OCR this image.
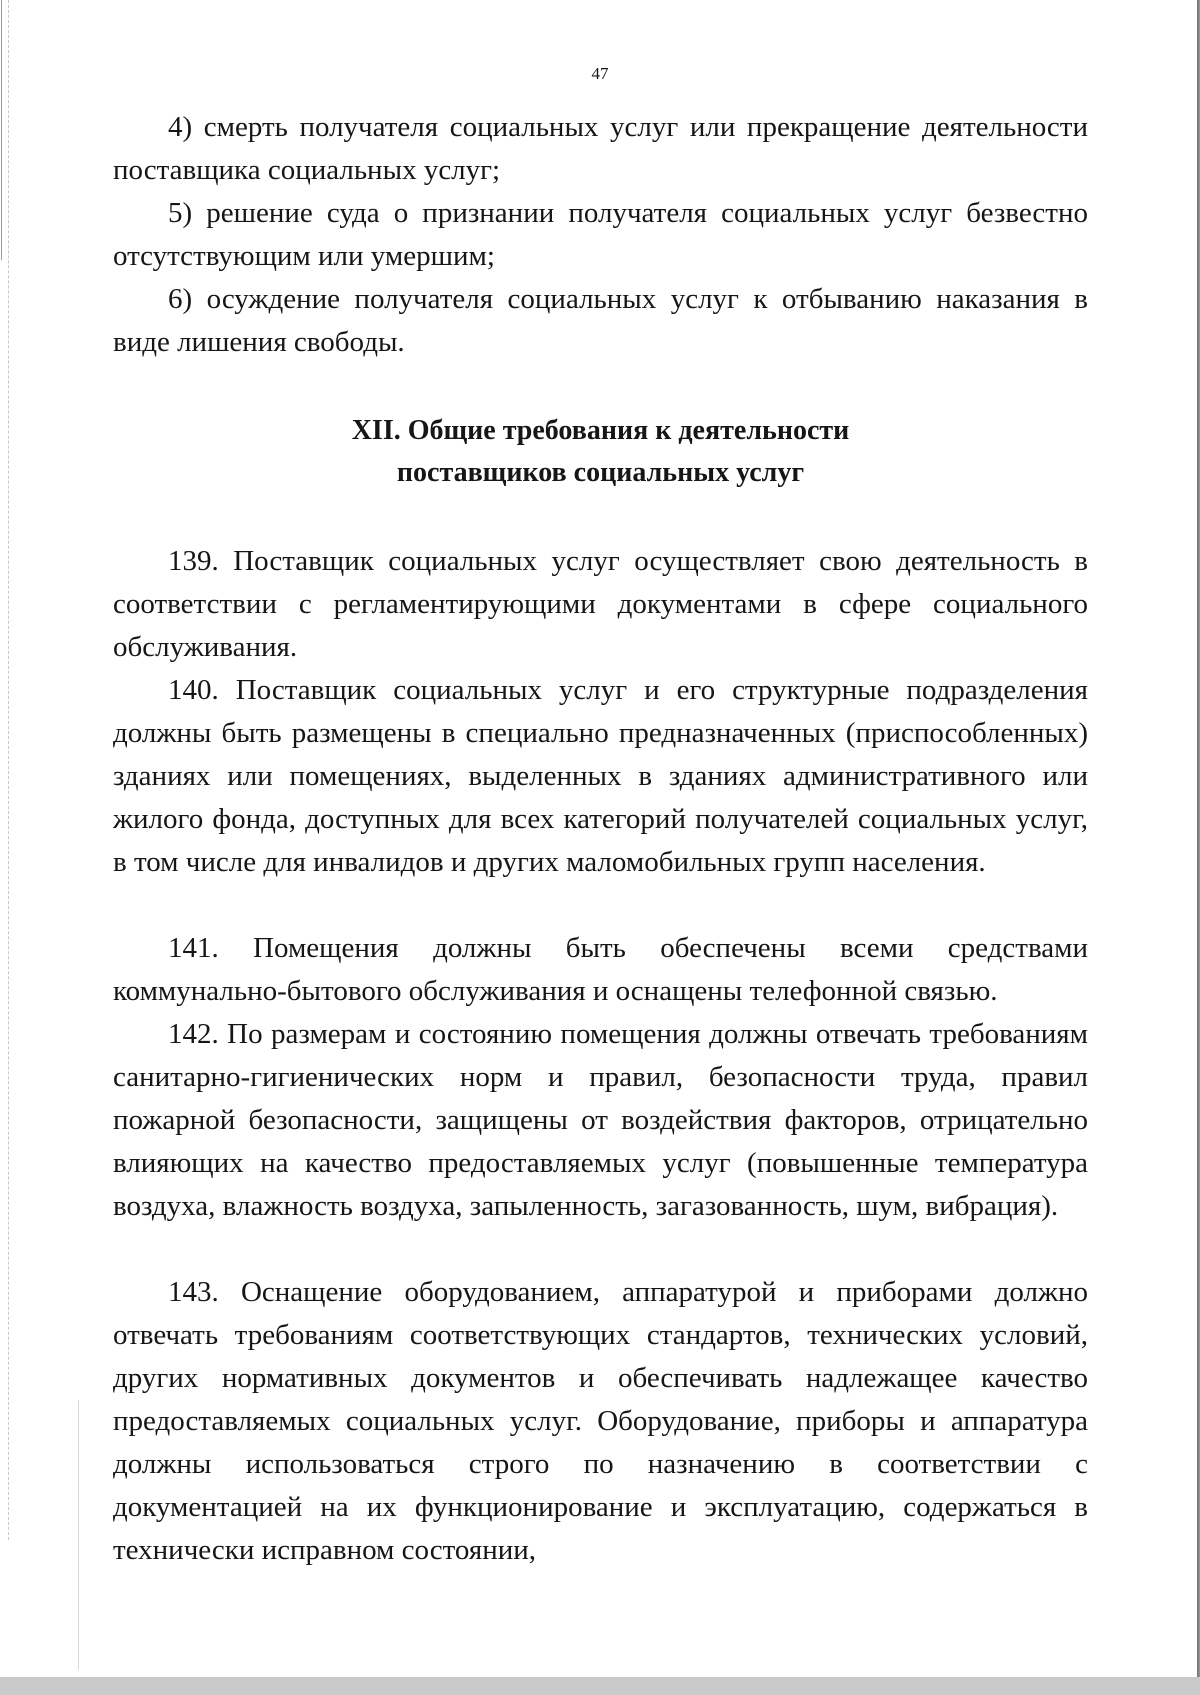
47

4) смерть получателя социальных услуг или прекращение деятельности поставщика социальных услуг;

5) решение суда о признании получателя социальных услуг безвестно отсутствующим или умершим;

6) осуждение получателя социальных услуг к отбыванию наказания в виде лишения свободы.

XII. Общие требования к деятельности
поставщиков социальных услуг

139. Поставщик социальных услуг осуществляет свою деятельность в соответствии с регламентирующими документами в сфере социального обслуживания.

140. Поставщик социальных услуг и его структурные подразделения должны быть размещены в специально предназначенных (приспособленных) зданиях или помещениях, выделенных в зданиях административного или жилого фонда, доступных для всех категорий получателей социальных услуг, в том числе для инвалидов и других маломобильных групп населения.

141. Помещения должны быть обеспечены всеми средствами коммунально-бытового обслуживания и оснащены телефонной связью.

142. По размерам и состоянию помещения должны отвечать требованиям санитарно-гигиенических норм и правил, безопасности труда, правил пожарной безопасности, защищены от воздействия факторов, отрицательно влияющих на качество предоставляемых услуг (повышенные температура воздуха, влажность воздуха, запыленность, загазованность, шум, вибрация).

143. Оснащение оборудованием, аппаратурой и приборами должно отвечать требованиям соответствующих стандартов, технических условий, других нормативных документов и обеспечивать надлежащее качество предоставляемых социальных услуг. Оборудование, приборы и аппаратура должны использоваться строго по назначению в соответствии с документацией на их функционирование и эксплуатацию, содержаться в технически исправном состоянии,
